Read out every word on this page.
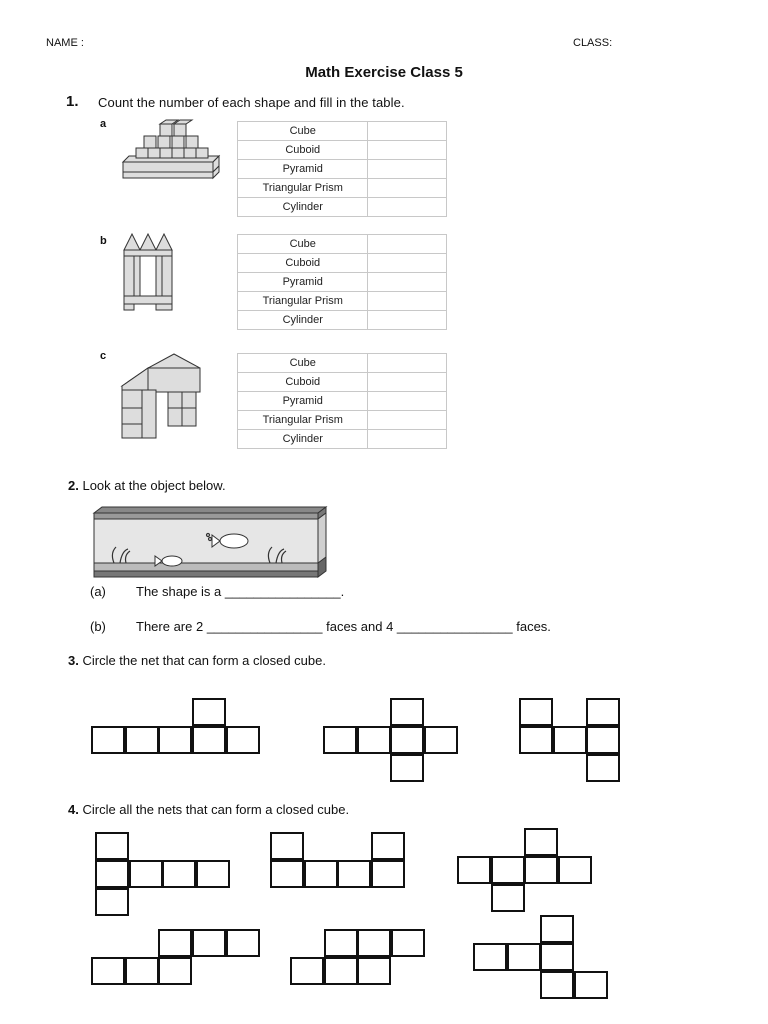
NAME :	CLASS:
Math Exercise Class 5
1. Count the number of each shape and fill in the table.
a
b
c
Cube	
Cuboid	
Pyramid	
Triangular Prism	
Cylinder	
Cube	
Cuboid	
Pyramid	
Triangular Prism	
Cylinder	
Cube	
Cuboid	
Pyramid	
Triangular Prism	
Cylinder	
2. Look at the object below.
(a) The shape is a ________________.
(b) There are 2 ________________ faces and 4 ________________ faces.
3. Circle the net that can form a closed cube.
4. Circle all the nets that can form a closed cube.
